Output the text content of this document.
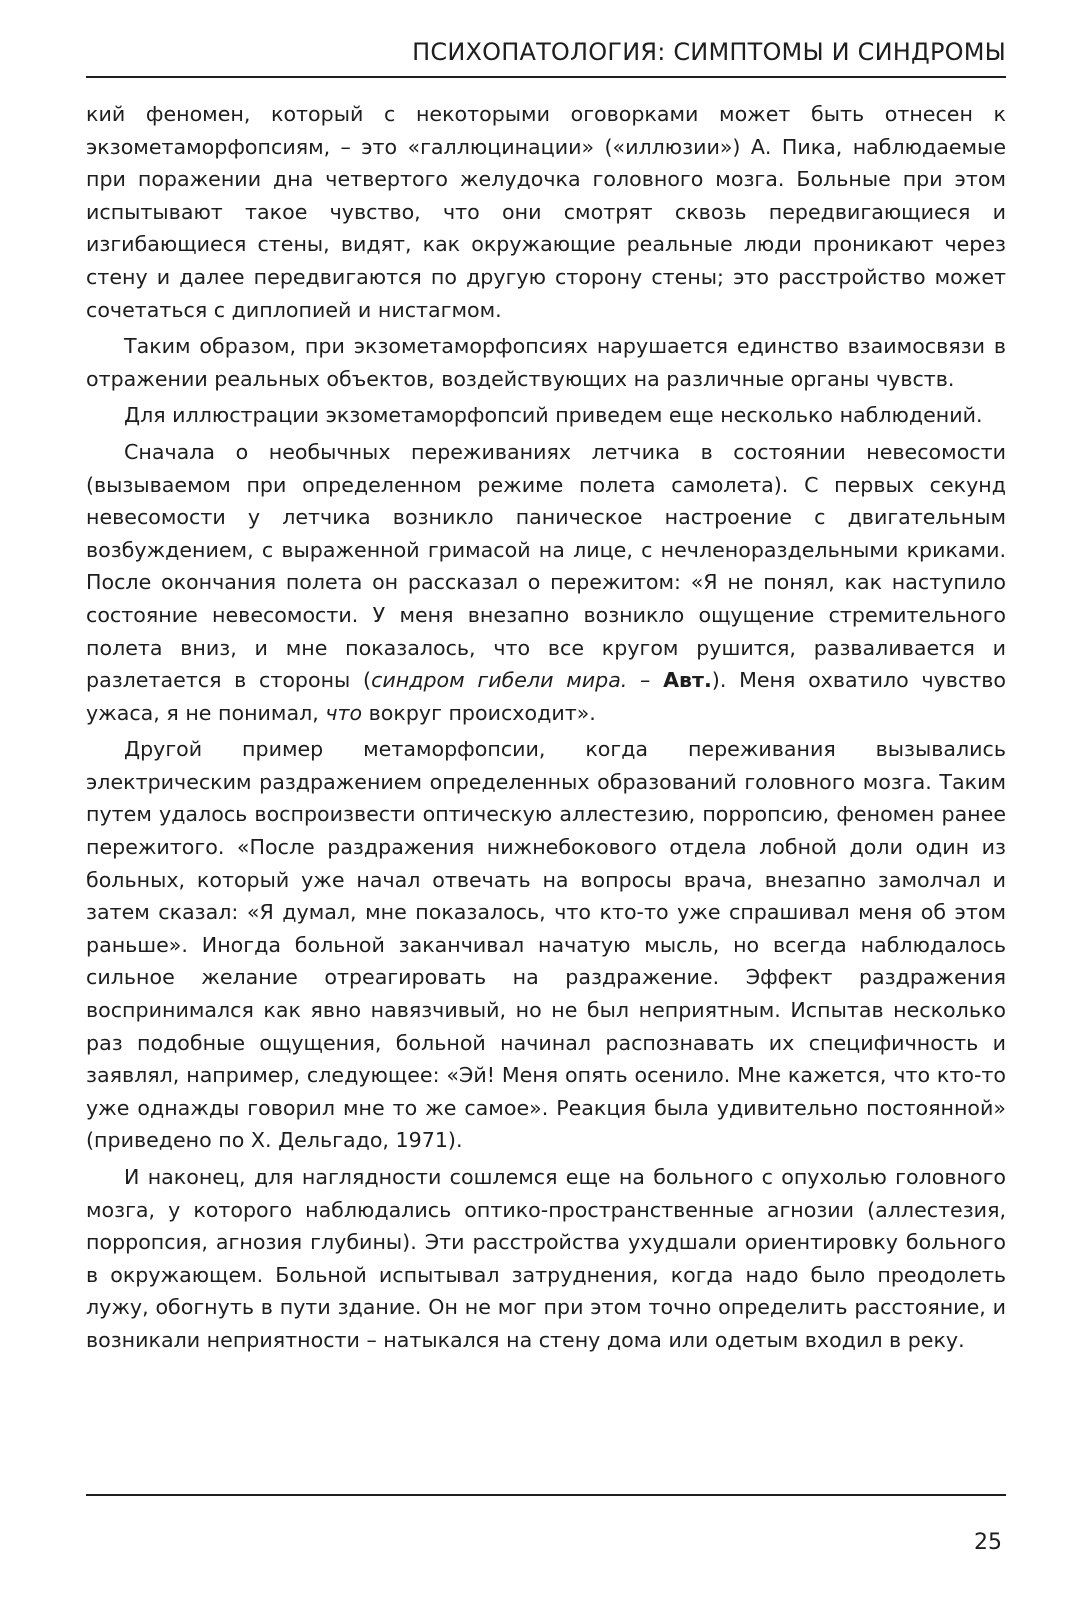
ПСИХОПАТОЛОГИЯ: СИМПТОМЫ И СИНДРОМЫ

кий феномен, который с некоторыми оговорками может быть отнесен к экзометаморфопсиям, – это «галлюцинации» («иллюзии») А. Пика, наблюдаемые при поражении дна четвертого желудочка головного мозга. Больные при этом испытывают такое чувство, что они смотрят сквозь передвигающиеся и изгибающиеся стены, видят, как окружающие реальные люди проникают через стену и далее передвигаются по другую сторону стены; это расстройство может сочетаться с диплопией и нистагмом.

Таким образом, при экзометаморфопсиях нарушается единство взаимосвязи в отражении реальных объектов, воздействующих на различные органы чувств.

Для иллюстрации экзометаморфопсий приведем еще несколько наблюдений.

Сначала о необычных переживаниях летчика в состоянии невесомости (вызываемом при определенном режиме полета самолета). С первых секунд невесомости у летчика возникло паническое настроение с двигательным возбуждением, с выраженной гримасой на лице, с нечленораздельными криками. После окончания полета он рассказал о пережитом: «Я не понял, как наступило состояние невесомости. У меня внезапно возникло ощущение стремительного полета вниз, и мне показалось, что все кругом рушится, разваливается и разлетается в стороны (синдром гибели мира. – Авт.). Меня охватило чувство ужаса, я не понимал, что вокруг происходит».

Другой пример метаморфопсии, когда переживания вызывались электрическим раздражением определенных образований головного мозга. Таким путем удалось воспроизвести оптическую аллестезию, порропсию, феномен ранее пережитого. «После раздражения нижнебокового отдела лобной доли один из больных, который уже начал отвечать на вопросы врача, внезапно замолчал и затем сказал: «Я думал, мне показалось, что кто-то уже спрашивал меня об этом раньше». Иногда больной заканчивал начатую мысль, но всегда наблюдалось сильное желание отреагировать на раздражение. Эффект раздражения воспринимался как явно навязчивый, но не был неприятным. Испытав несколько раз подобные ощущения, больной начинал распознавать их специфичность и заявлял, например, следующее: «Эй! Меня опять осенило. Мне кажется, что кто-то уже однажды говорил мне то же самое». Реакция была удивительно постоянной» (приведено по Х. Дельгадо, 1971).

И наконец, для наглядности сошлемся еще на больного с опухолью головного мозга, у которого наблюдались оптико-пространственные агнозии (аллестезия, порропсия, агнозия глубины). Эти расстройства ухудшали ориентировку больного в окружающем. Больной испытывал затруднения, когда надо было преодолеть лужу, обогнуть в пути здание. Он не мог при этом точно определить расстояние, и возникали неприятности – натыкался на стену дома или одетым входил в реку.

25
